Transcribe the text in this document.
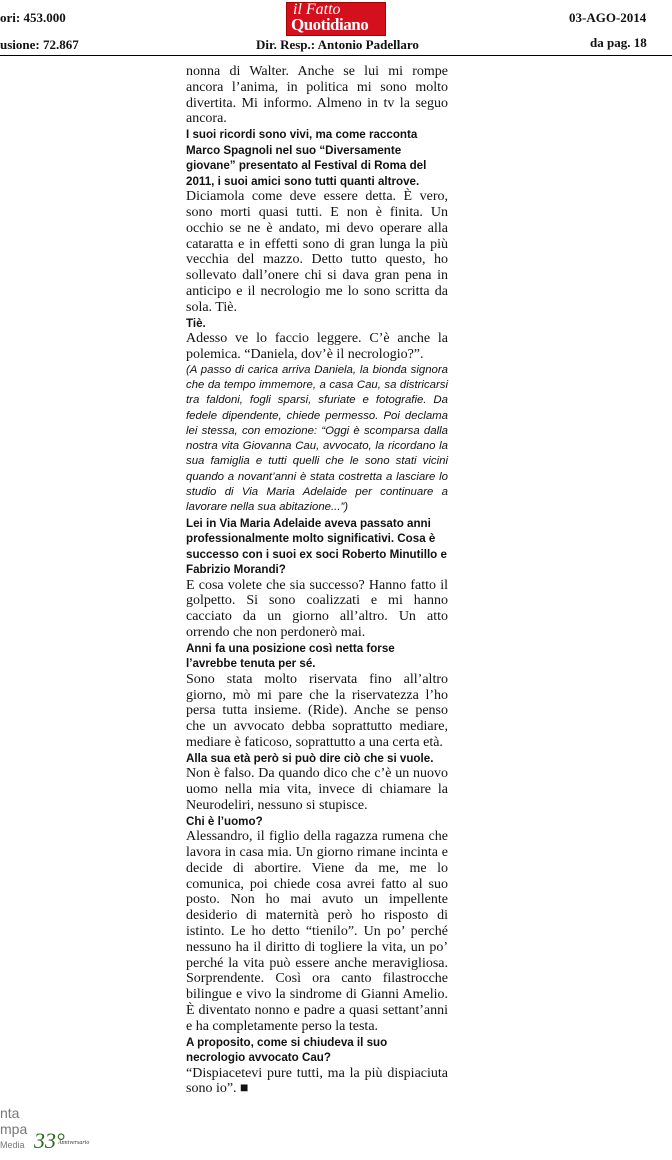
ori: 453.000
usione: 72.867
il Fatto
Quotidiano
Dir. Resp.: Antonio Padellaro
03-AGO-2014
da pag. 18

nonna di Walter. Anche se lui mi rompe ancora l’anima, in politica mi sono molto divertita. Mi informo. Almeno in tv la seguo ancora.

I suoi ricordi sono vivi, ma come racconta Marco Spagnoli nel suo “Diversamente giovane” presentato al Festival di Roma del 2011, i suoi amici sono tutti quanti altrove.

Diciamola come deve essere detta. È vero, sono morti quasi tutti. E non è finita. Un occhio se ne è andato, mi devo operare alla cataratta e in effetti sono di gran lunga la più vecchia del mazzo. Detto tutto questo, ho sollevato dall’onere chi si dava gran pena in anticipo e il necrologio me lo sono scritta da sola. Tiè.

Tiè.

Adesso ve lo faccio leggere. C’è anche la polemica. “Daniela, dov’è il necrologio?”.

(A passo di carica arriva Daniela, la bionda signora che da tempo immemore, a casa Cau, sa districarsi tra faldoni, fogli sparsi, sfuriate e fotografie. Da fedele dipendente, chiede permesso. Poi declama lei stessa, con emozione: “Oggi è scomparsa dalla nostra vita Giovanna Cau, avvocato, la ricordano la sua famiglia e tutti quelli che le sono stati vicini quando a novant’anni è stata costretta a lasciare lo studio di Via Maria Adelaide per continuare a lavorare nella sua abitazione...”)

Lei in Via Maria Adelaide aveva passato anni professionalmente molto significativi. Cosa è successo con i suoi ex soci Roberto Minutillo e Fabrizio Morandi?

E cosa volete che sia successo? Hanno fatto il golpetto. Si sono coalizzati e mi hanno cacciato da un giorno all’altro. Un atto orrendo che non perdonerò mai.

Anni fa una posizione così netta forse l’avrebbe tenuta per sé.

Sono stata molto riservata fino all’altro giorno, mò mi pare che la riservatezza l’ho persa tutta insieme. (Ride). Anche se penso che un avvocato debba soprattutto mediare, mediare è faticoso, soprattutto a una certa età.

Alla sua età però si può dire ciò che si vuole.

Non è falso. Da quando dico che c’è un nuovo uomo nella mia vita, invece di chiamare la Neurodeliri, nessuno si stupisce.

Chi è l’uomo?

Alessandro, il figlio della ragazza rumena che lavora in casa mia. Un giorno rimane incinta e decide di abortire. Viene da me, me lo comunica, poi chiede cosa avrei fatto al suo posto. Non ho mai avuto un impellente desiderio di maternità però ho risposto di istinto. Le ho detto “tienilo”. Un po’ perché nessuno ha il diritto di togliere la vita, un po’ perché la vita può essere anche meravigliosa. Sorprendente. Così ora canto filastrocche bilingue e vivo la sindrome di Gianni Amelio. È diventato nonno e padre a quasi settant’anni e ha completamente perso la testa.

A proposito, come si chiudeva il suo necrologio avvocato Cau?

“Dispiacetevi pure tutti, ma la più dispiaciuta sono io”. ■

nta
mpa
Media 33°
Anniversario
